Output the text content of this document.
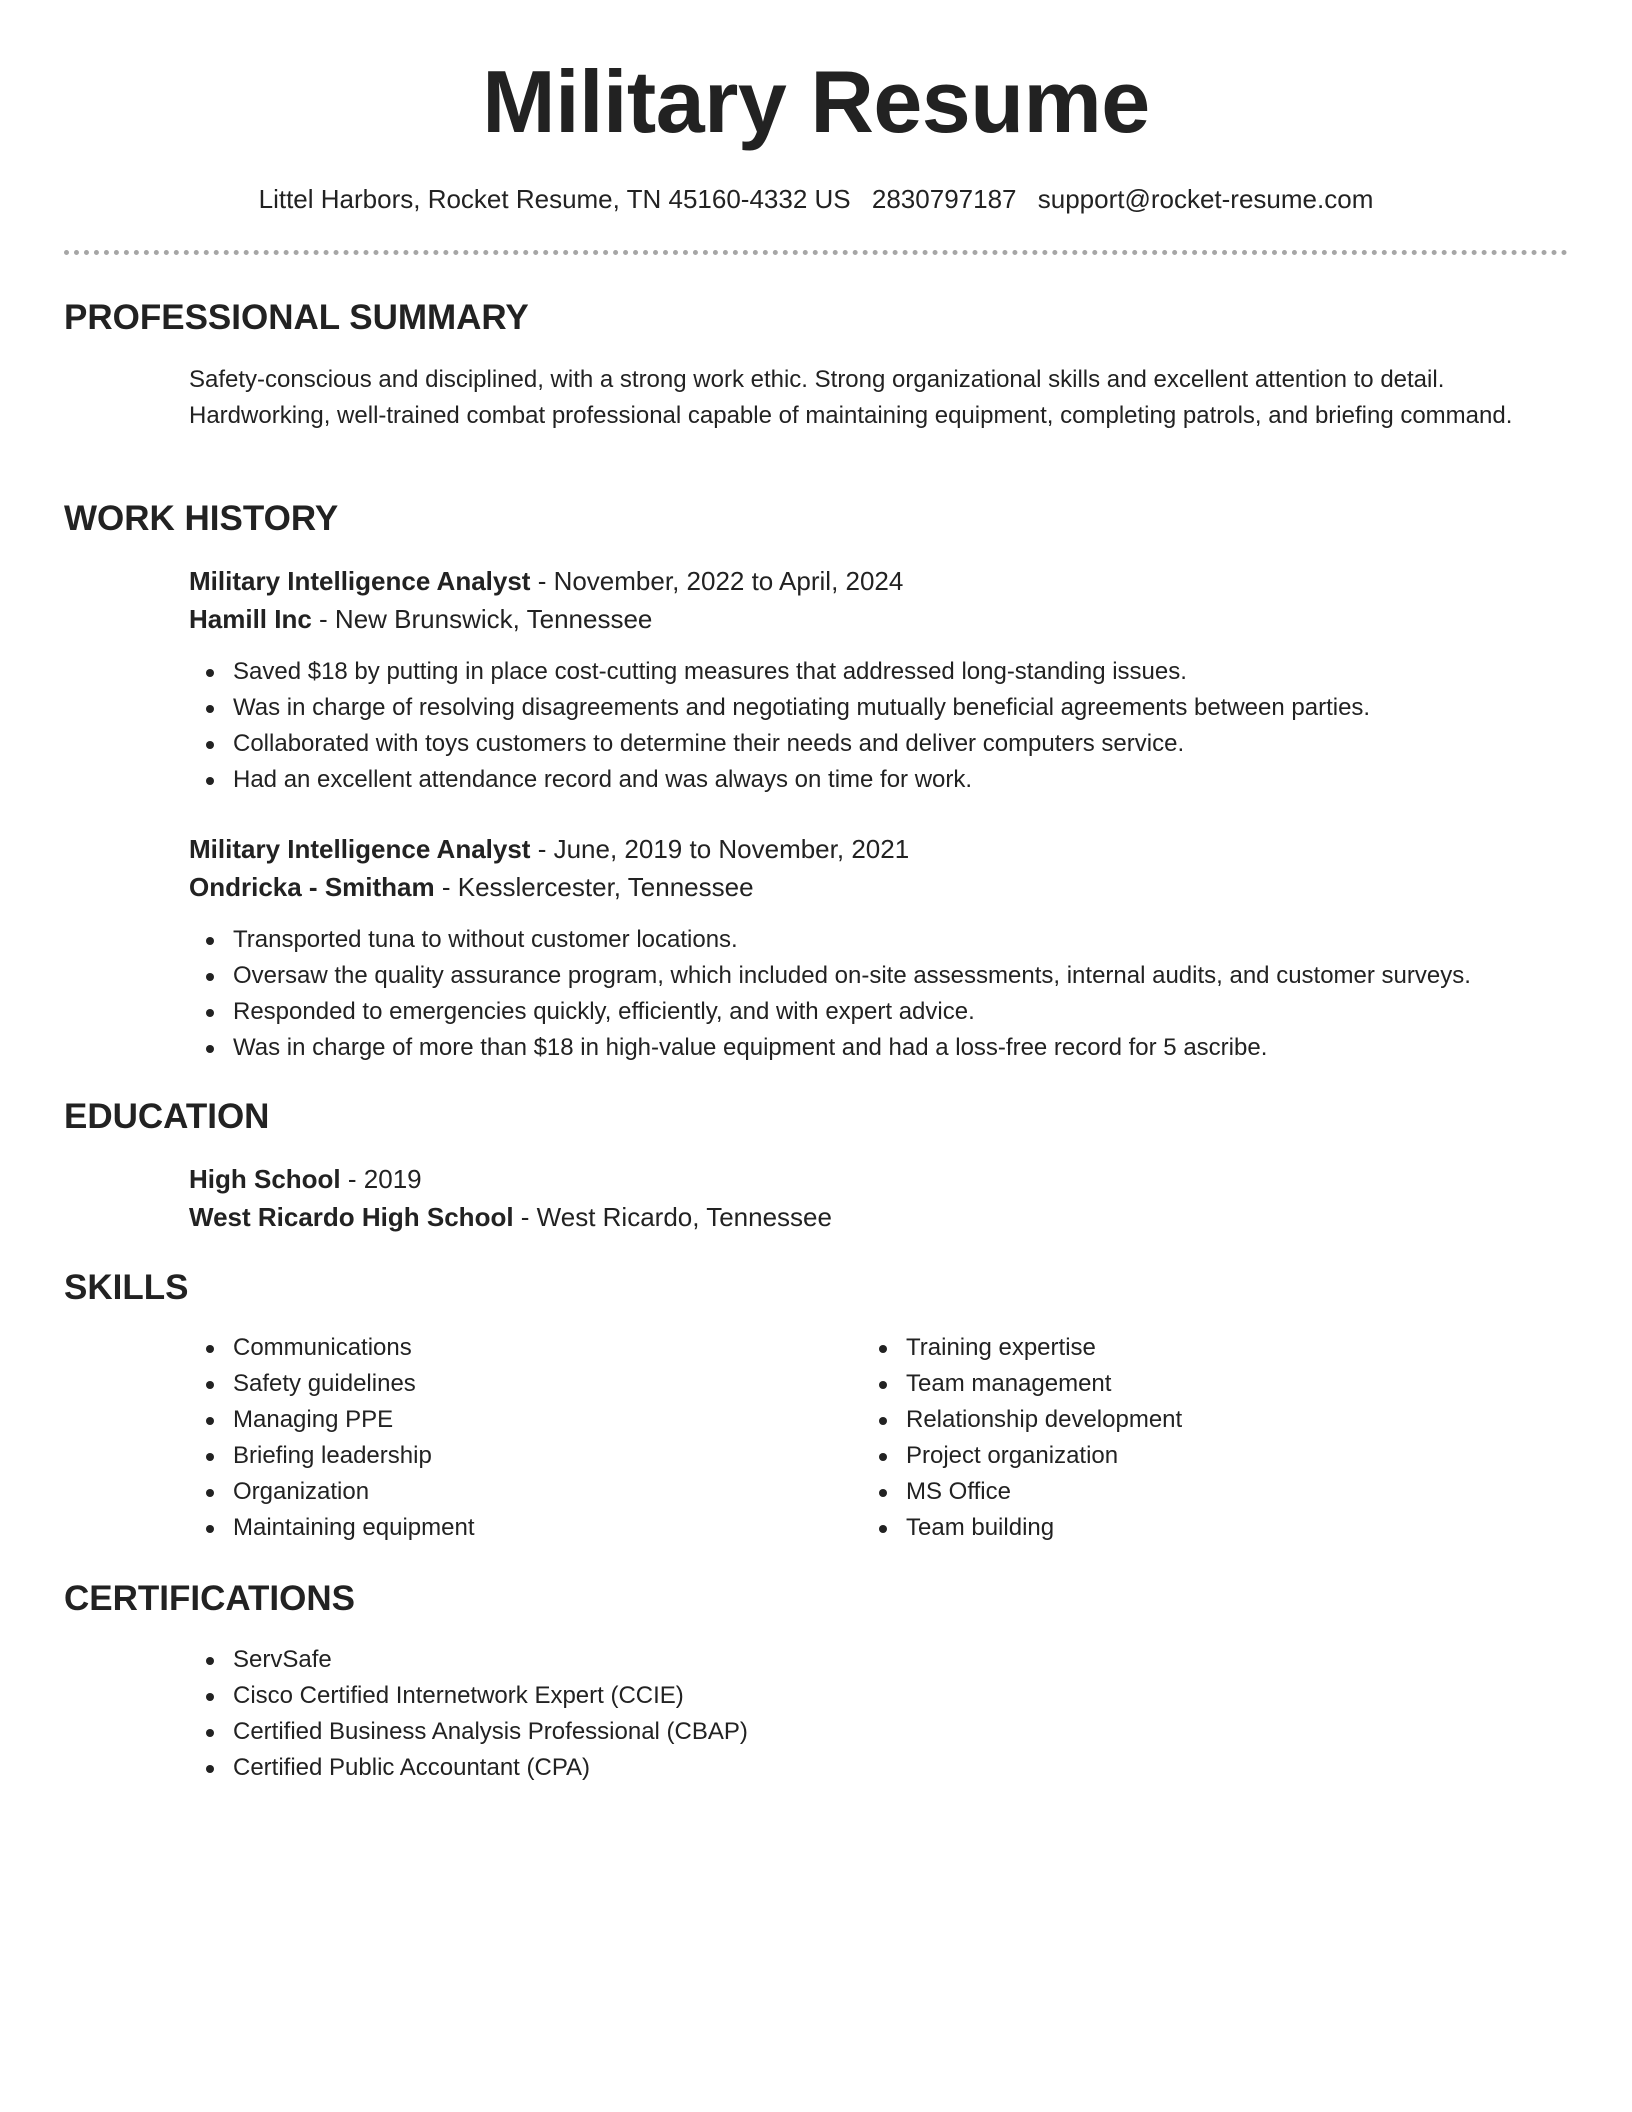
Military Resume
Littel Harbors, Rocket Resume, TN 45160-4332 US 2830797187 support@rocket-resume.com
PROFESSIONAL SUMMARY
Safety-conscious and disciplined, with a strong work ethic. Strong organizational skills and excellent attention to detail. Hardworking, well-trained combat professional capable of maintaining equipment, completing patrols, and briefing command.
WORK HISTORY
Military Intelligence Analyst - November, 2022 to April, 2024
Hamill Inc - New Brunswick, Tennessee
Saved $18 by putting in place cost-cutting measures that addressed long-standing issues.
Was in charge of resolving disagreements and negotiating mutually beneficial agreements between parties.
Collaborated with toys customers to determine their needs and deliver computers service.
Had an excellent attendance record and was always on time for work.
Military Intelligence Analyst - June, 2019 to November, 2021
Ondricka - Smitham - Kesslercester, Tennessee
Transported tuna to without customer locations.
Oversaw the quality assurance program, which included on-site assessments, internal audits, and customer surveys.
Responded to emergencies quickly, efficiently, and with expert advice.
Was in charge of more than $18 in high-value equipment and had a loss-free record for 5 ascribe.
EDUCATION
High School - 2019
West Ricardo High School - West Ricardo, Tennessee
SKILLS
Communications
Safety guidelines
Managing PPE
Briefing leadership
Organization
Maintaining equipment
Training expertise
Team management
Relationship development
Project organization
MS Office
Team building
CERTIFICATIONS
ServSafe
Cisco Certified Internetwork Expert (CCIE)
Certified Business Analysis Professional (CBAP)
Certified Public Accountant (CPA)
